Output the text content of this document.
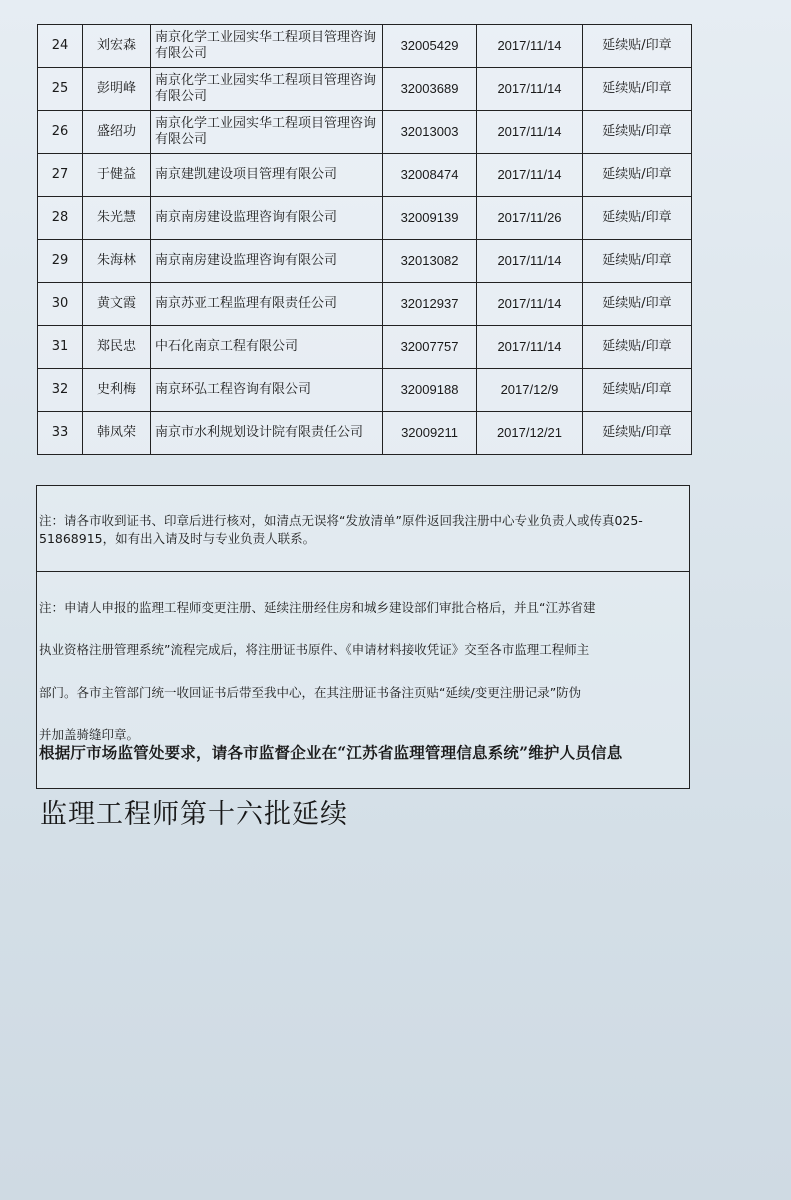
24	刘宏森	南京化学工业园实华工程项目管理咨询有限公司	32005429	2017/11/14	延续贴/印章
25	彭明峰	南京化学工业园实华工程项目管理咨询有限公司	32003689	2017/11/14	延续贴/印章
26	盛绍功	南京化学工业园实华工程项目管理咨询有限公司	32013003	2017/11/14	延续贴/印章
27	于健益	南京建凯建设项目管理有限公司	32008474	2017/11/14	延续贴/印章
28	朱光慧	南京南房建设监理咨询有限公司	32009139	2017/11/26	延续贴/印章
29	朱海林	南京南房建设监理咨询有限公司	32013082	2017/11/14	延续贴/印章
30	黄文霞	南京苏亚工程监理有限责任公司	32012937	2017/11/14	延续贴/印章
31	郑民忠	中石化南京工程有限公司	32007757	2017/11/14	延续贴/印章
32	史利梅	南京环弘工程咨询有限公司	32009188	2017/12/9	延续贴/印章
33	韩凤荣	南京市水利规划设计院有限责任公司	32009211	2017/12/21	延续贴/印章

注：请各市收到证书、印章后进行核对，如清点无误将“发放清单”原件返回我注册中心专业负责人或传真025-51868915，如有出入请及时与专业负责人联系。

注：申请人申报的监理工程师变更注册、延续注册经住房和城乡建设部们审批合格后，并且“江苏省建

执业资格注册管理系统”流程完成后，将注册证书原件、《申请材料接收凭证》交至各市监理工程师主

部门。各市主管部门统一收回证书后带至我中心，在其注册证书备注页贴“延续/变更注册记录”防伪

并加盖骑缝印章。

根据厅市场监管处要求，请各市监督企业在“江苏省监理管理信息系统”维护人员信息

监理工程师第十六批延续
